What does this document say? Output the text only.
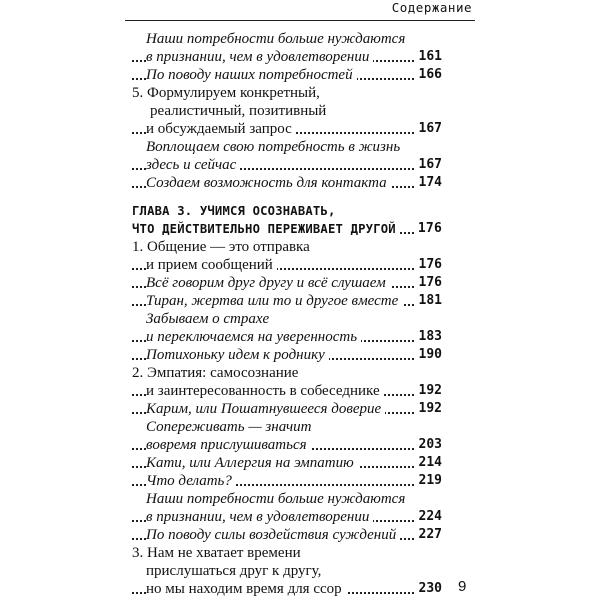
Содержание
Наши потребности больше нуждаются
в признании, чем в удовлетворении	161
По поводу наших потребностей	166
5. Формулируем конкретный,
реалистичный, позитивный
и обсуждаемый запрос	167
Воплощаем свою потребность в жизнь
здесь и сейчас	167
Создаем возможность для контакта	174
ГЛАВА 3. УЧИМСЯ ОСОЗНАВАТЬ,
ЧТО ДЕЙСТВИТЕЛЬНО ПЕРЕЖИВАЕТ ДРУГОЙ	176
1. Общение — это отправка
и прием сообщений	176
Всё говорим друг другу и всё слушаем	176
Тиран, жертва или то и другое вместе	181
Забываем о страхе
и переключаемся на уверенность	183
Потихоньку идем к роднику	190
2. Эмпатия: самосознание
и заинтересованность в собеседнике	192
Карим, или Пошатнувшееся доверие	192
Сопереживать — значит
вовремя прислушиваться	203
Кати, или Аллергия на эмпатию	214
Что делать?	219
Наши потребности больше нуждаются
в признании, чем в удовлетворении	224
По поводу силы воздействия суждений	227
3. Нам не хватает времени
прислушаться друг к другу,
но мы находим время для ссор	230 9
